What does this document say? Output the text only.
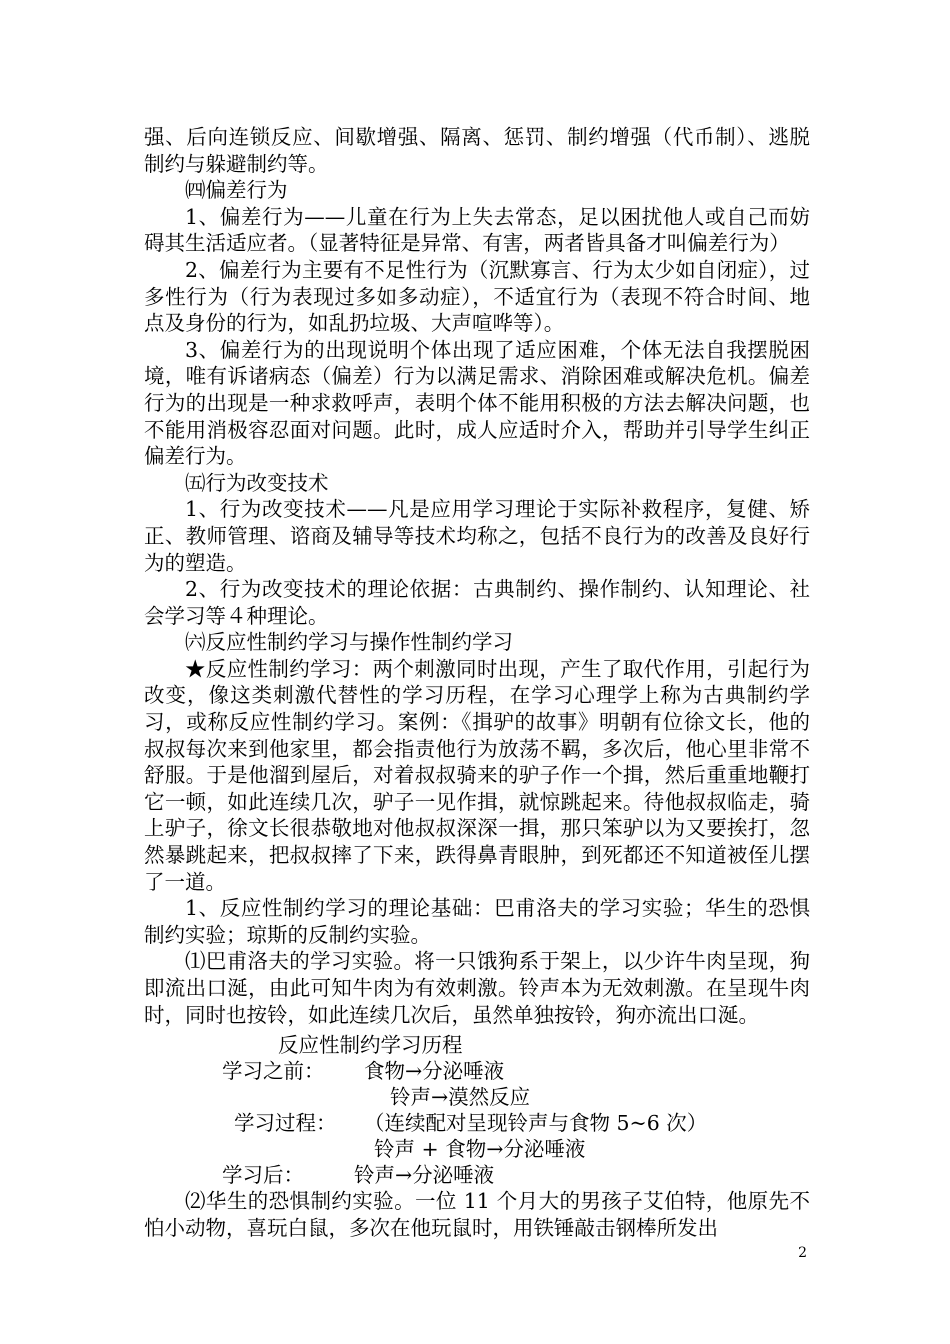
强、后向连锁反应、间歇增强、隔离、惩罚、制约增强（代币制）、逃脱制约与躲避制约等。

㈣偏差行为

1、偏差行为——儿童在行为上失去常态，足以困扰他人或自己而妨碍其生活适应者。（显著特征是异常、有害，两者皆具备才叫偏差行为）

2、偏差行为主要有不足性行为（沉默寡言、行为太少如自闭症），过多性行为（行为表现过多如多动症），不适宜行为（表现不符合时间、地点及身份的行为，如乱扔垃圾、大声喧哗等）。

3、偏差行为的出现说明个体出现了适应困难，个体无法自我摆脱困境，唯有诉诸病态（偏差）行为以满足需求、消除困难或解决危机。偏差行为的出现是一种求救呼声，表明个体不能用积极的方法去解决问题，也不能用消极容忍面对问题。此时，成人应适时介入，帮助并引导学生纠正偏差行为。

㈤行为改变技术

1、行为改变技术——凡是应用学习理论于实际补救程序，复健、矫正、教师管理、谘商及辅导等技术均称之，包括不良行为的改善及良好行为的塑造。

2、行为改变技术的理论依据：古典制约、操作制约、认知理论、社会学习等４种理论。

㈥反应性制约学习与操作性制约学习

★反应性制约学习：两个刺激同时出现，产生了取代作用，引起行为改变，像这类刺激代替性的学习历程，在学习心理学上称为古典制约学习，或称反应性制约学习。案例：《揖驴的故事》明朝有位徐文长，他的叔叔每次来到他家里，都会指责他行为放荡不羁，多次后，他心里非常不舒服。于是他溜到屋后，对着叔叔骑来的驴子作一个揖，然后重重地鞭打它一顿，如此连续几次，驴子一见作揖，就惊跳起来。待他叔叔临走，骑上驴子，徐文长很恭敬地对他叔叔深深一揖，那只笨驴以为又要挨打，忽然暴跳起来，把叔叔摔了下来，跌得鼻青眼肿，到死都还不知道被侄儿摆了一道。

1、反应性制约学习的理论基础：巴甫洛夫的学习实验；华生的恐惧制约实验；琼斯的反制约实验。

⑴巴甫洛夫的学习实验。将一只饿狗系于架上，以少许牛肉呈现，狗即流出口涎，由此可知牛肉为有效刺激。铃声本为无效刺激。在呈现牛肉时，同时也按铃，如此连续几次后，虽然单独按铃，狗亦流出口涎。

反应性制约学习历程
学习之前： 食物→分泌唾液
铃声→漠然反应
学习过程： （连续配对呈现铃声与食物 5~6 次）
铃声 + 食物→分泌唾液
学习后： 铃声→分泌唾液

⑵华生的恐惧制约实验。一位 11 个月大的男孩子艾伯特，他原先不怕小动物，喜玩白鼠，多次在他玩鼠时，用铁锤敲击钢棒所发出

2
